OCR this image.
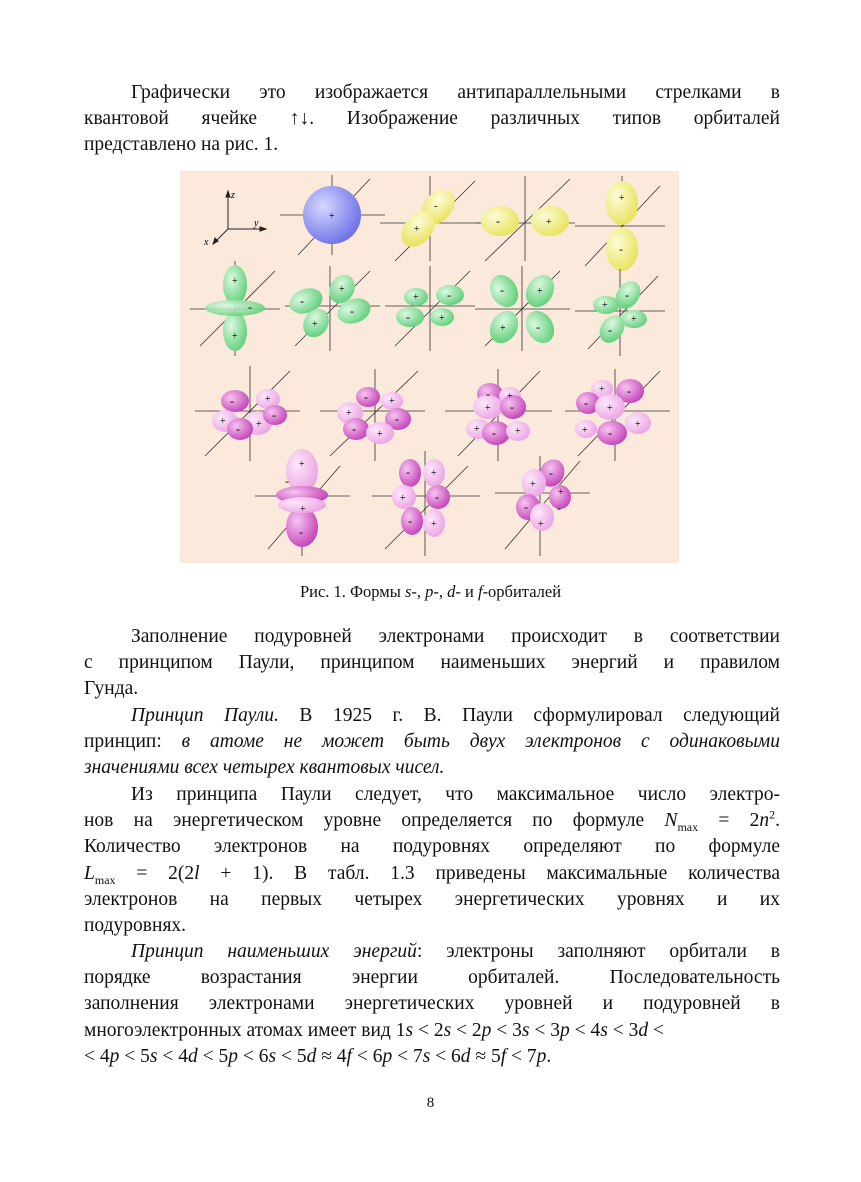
Графически это изображается антипараллельными стрелками в
квантовой ячейке ↑↓. Изображение различных типов орбиталей
представлено на рис. 1.
z
y
x
+
-
+
-	+
+
-
+
-
+
-
+
-
+
+ -
-	+
-	+
+	-
-
+
+
-
-	+
+	+
-
-
- +
+	-
- +
- +
+ -
+ - +
-
+
- +
+
-
+
+
-
+
-
- +
+ -
- +
-
+
+
- -
+
Рис. 1. Формы s-, p-, d- и f-орбиталей
Заполнение подуровней электронами происходит в соответствии
с принципом Паули, принципом наименьших энергий и правилом
Гунда.
Принцип Паули. В 1925 г. В. Паули сформулировал следующий
принцип: в атоме не может быть двух электронов с одинаковыми
значениями всех четырех квантовых чисел.
Из принципа Паули следует, что максимальное число электро-
нов на энергетическом уровне определяется по формуле $N_{max} = 2n^2$.
Количество электронов на подуровнях определяют по формуле
$L_{max} = 2(2l + 1)$. В табл. 1.3 приведены максимальные количества
электронов на первых четырех энергетических уровнях и их
подуровнях.
Принцип наименьших энергий: электроны заполняют орбитали в
порядке возрастания энергии орбиталей. Последовательность
заполнения электронами энергетических уровней и подуровней в
многоэлектронных атомах имеет вид 1s < 2s < 2p < 3s < 3p < 4s < 3d <
< 4p < 5s < 4d < 5p < 6s < 5d ≈ 4f < 6p < 7s < 6d ≈ 5f < 7p.
8
